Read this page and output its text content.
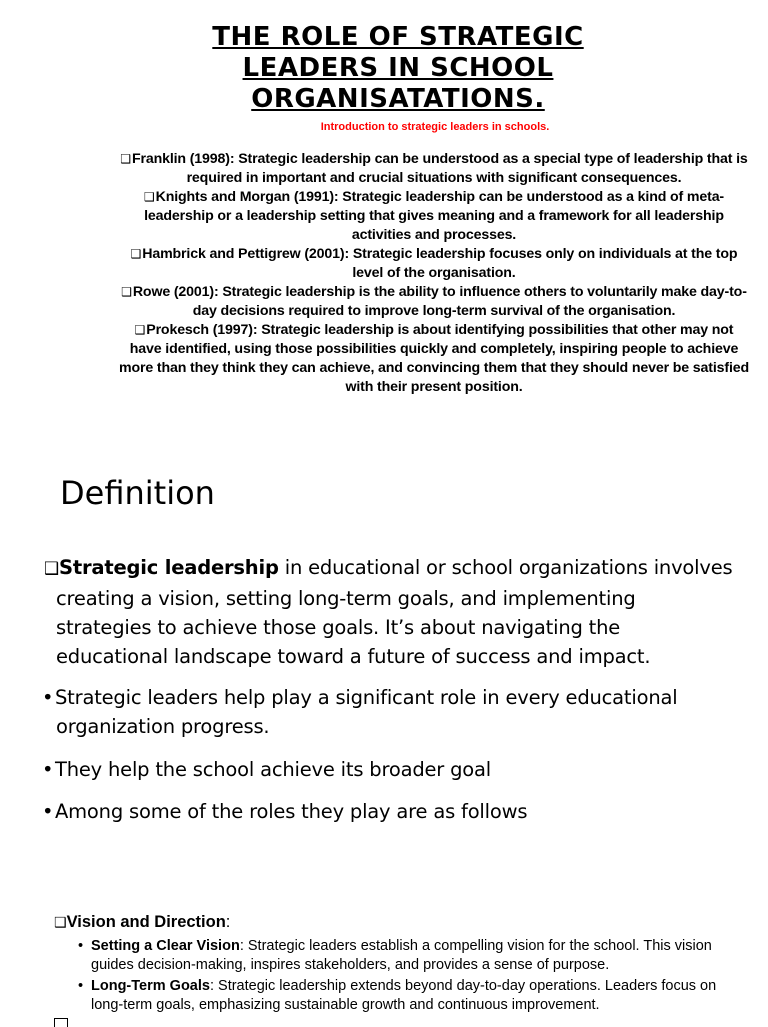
THE ROLE OF STRATEGIC LEADERS IN SCHOOL ORGANISATATIONS.
Introduction to strategic leaders in schools.
❑Franklin (1998): Strategic leadership can be understood as a special type of leadership that is required in important and crucial situations with significant consequences.
❑Knights and Morgan (1991): Strategic leadership can be understood as a kind of meta-leadership or a leadership setting that gives meaning and a framework for all leadership activities and processes.
❑Hambrick and Pettigrew (2001): Strategic leadership focuses only on individuals at the top level of the organisation.
❑Rowe (2001): Strategic leadership is the ability to influence others to voluntarily make day-to-day decisions required to improve long-term survival of the organisation.
❑Prokesch (1997): Strategic leadership is about identifying possibilities that other may not have identified, using those possibilities quickly and completely, inspiring people to achieve more than they think they can achieve, and convincing them that they should never be satisfied with their present position.
Definition

❑Strategic leadership in educational or school organizations involves creating a vision, setting long-term goals, and implementing strategies to achieve those goals. It’s about navigating the educational landscape toward a future of success and impact.

•Strategic leaders help play a significant role in every educational organization progress.

•They help the school achieve its broader goal

•Among some of the roles they play are as follows

❑Vision and Direction:

• Setting a Clear Vision: Strategic leaders establish a compelling vision for the school. This vision guides decision-making, inspires stakeholders, and provides a sense of purpose.
• Long-Term Goals: Strategic leadership extends beyond day-to-day operations. Leaders focus on long-term goals, emphasizing sustainable growth and continuous improvement.
